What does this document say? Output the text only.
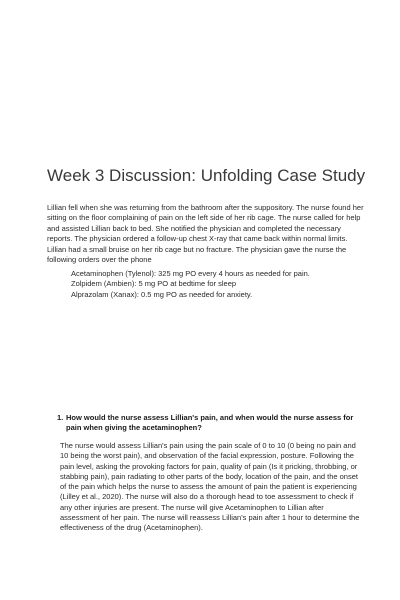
Week 3 Discussion: Unfolding Case Study

Lillian fell when she was returning from the bathroom after the suppository. The nurse found her sitting on the floor complaining of pain on the left side of her rib cage. The nurse called for help and assisted Lillian back to bed. She notified the physician and completed the necessary reports. The physician ordered a follow-up chest X-ray that came back within normal limits. Lillian had a small bruise on her rib cage but no fracture. The physician gave the nurse the following orders over the phone

Acetaminophen (Tylenol): 325 mg PO every 4 hours as needed for pain.
Zolpidem (Ambien): 5 mg PO at bedtime for sleep
Alprazolam (Xanax): 0.5 mg PO as needed for anxiety.
1. How would the nurse assess Lillian's pain, and when would the nurse assess for pain when giving the acetaminophen?

The nurse would assess Lillian's pain using the pain scale of 0 to 10 (0 being no pain and 10 being the worst pain), and observation of the facial expression, posture. Following the pain level, asking the provoking factors for pain, quality of pain (Is it pricking, throbbing, or stabbing pain), pain radiating to other parts of the body, location of the pain, and the onset of the pain which helps the nurse to assess the amount of pain the patient is experiencing (Lilley et al., 2020). The nurse will also do a thorough head to toe assessment to check if any other injuries are present. The nurse will give Acetaminophen to Lillian after assessment of her pain. The nurse will reassess Lillian's pain after 1 hour to determine the effectiveness of the drug (Acetaminophen).
